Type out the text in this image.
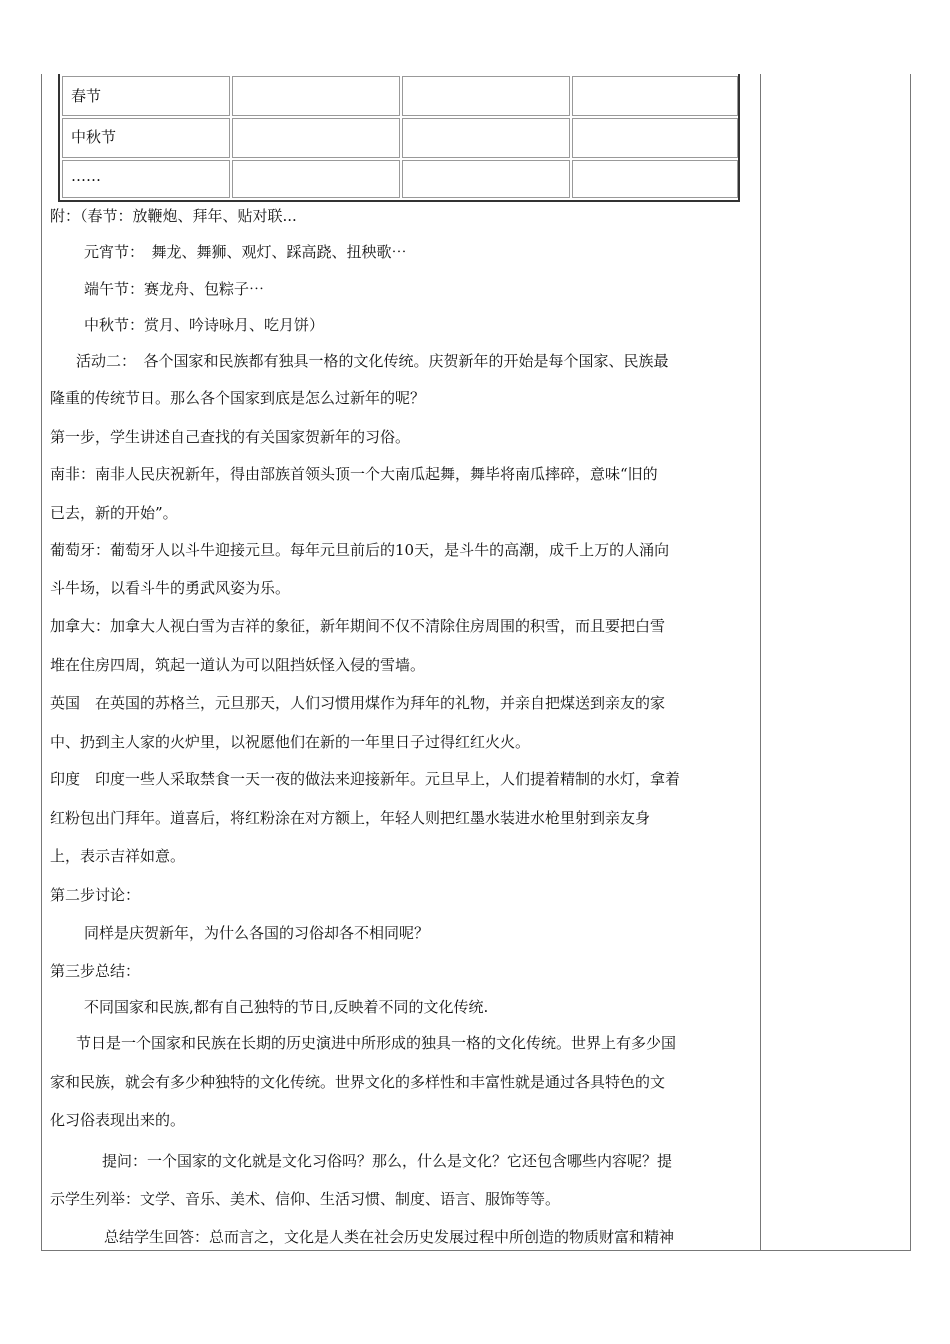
春节
中秋节
……
附：（春节：放鞭炮、拜年、贴对联...
元宵节：　舞龙、舞狮、观灯、踩高跷、扭秧歌⋯
端午节：赛龙舟、包粽子⋯
中秋节：赏月、吟诗咏月、吃月饼）
活动二：　各个国家和民族都有独具一格的文化传统。庆贺新年的开始是每个国家、民族最
隆重的传统节日。那么各个国家到底是怎么过新年的呢？
第一步，学生讲述自己查找的有关国家贺新年的习俗。
南非：南非人民庆祝新年，得由部族首领头顶一个大南瓜起舞，舞毕将南瓜摔碎，意味“旧的
已去，新的开始”。
葡萄牙：葡萄牙人以斗牛迎接元旦。每年元旦前后的10天，是斗牛的高潮，成千上万的人涌向
斗牛场，以看斗牛的勇武风姿为乐。
加拿大：加拿大人视白雪为吉祥的象征，新年期间不仅不清除住房周围的积雪，而且要把白雪
堆在住房四周，筑起一道认为可以阻挡妖怪入侵的雪墙。
英国　在英国的苏格兰，元旦那天，人们习惯用煤作为拜年的礼物，并亲自把煤送到亲友的家
中、扔到主人家的火炉里，以祝愿他们在新的一年里日子过得红红火火。
印度　印度一些人采取禁食一天一夜的做法来迎接新年。元旦早上，人们提着精制的水灯，拿着
红粉包出门拜年。道喜后，将红粉涂在对方额上，年轻人则把红墨水装进水枪里射到亲友身
上，表示吉祥如意。
第二步讨论：
同样是庆贺新年，为什么各国的习俗却各不相同呢？
第三步总结：
不同国家和民族,都有自己独特的节日,反映着不同的文化传统.
节日是一个国家和民族在长期的历史演进中所形成的独具一格的文化传统。世界上有多少国
家和民族，就会有多少种独特的文化传统。世界文化的多样性和丰富性就是通过各具特色的文
化习俗表现出来的。
提问：一个国家的文化就是文化习俗吗？那么，什么是文化？它还包含哪些内容呢？提
示学生列举：文学、音乐、美术、信仰、生活习惯、制度、语言、服饰等等。
总结学生回答：总而言之，文化是人类在社会历史发展过程中所创造的物质财富和精神
